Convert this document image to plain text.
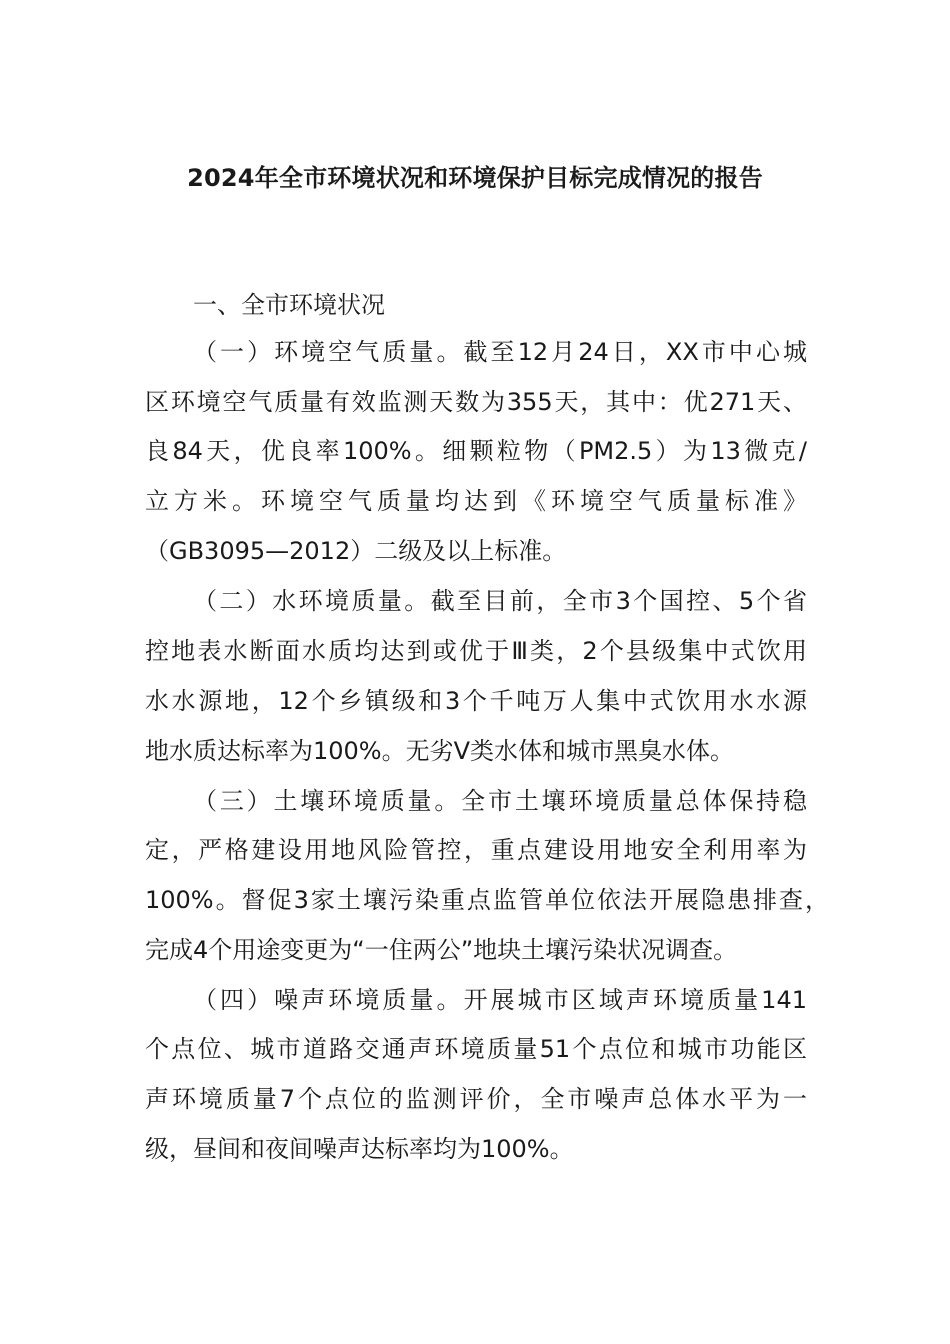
2024年全市环境状况和环境保护目标完成情况的报告
一、全市环境状况
（一）环境空气质量。截至12月24日，XX市中心城
区环境空气质量有效监测天数为355天，其中：优271天、
良84天，优良率100%。细颗粒物（PM2.5）为13微克/
立方米。环境空气质量均达到《环境空气质量标准》
（GB3095—2012）二级及以上标准。
（二）水环境质量。截至目前，全市3个国控、5个省
控地表水断面水质均达到或优于Ⅲ类，2个县级集中式饮用
水水源地，12个乡镇级和3个千吨万人集中式饮用水水源
地水质达标率为100%。无劣Ⅴ类水体和城市黑臭水体。
（三）土壤环境质量。全市土壤环境质量总体保持稳
定，严格建设用地风险管控，重点建设用地安全利用率为
100%。督促3家土壤污染重点监管单位依法开展隐患排查，
完成4个用途变更为“一住两公”地块土壤污染状况调查。
（四）噪声环境质量。开展城市区域声环境质量141
个点位、城市道路交通声环境质量51个点位和城市功能区
声环境质量7个点位的监测评价，全市噪声总体水平为一
级，昼间和夜间噪声达标率均为100%。
